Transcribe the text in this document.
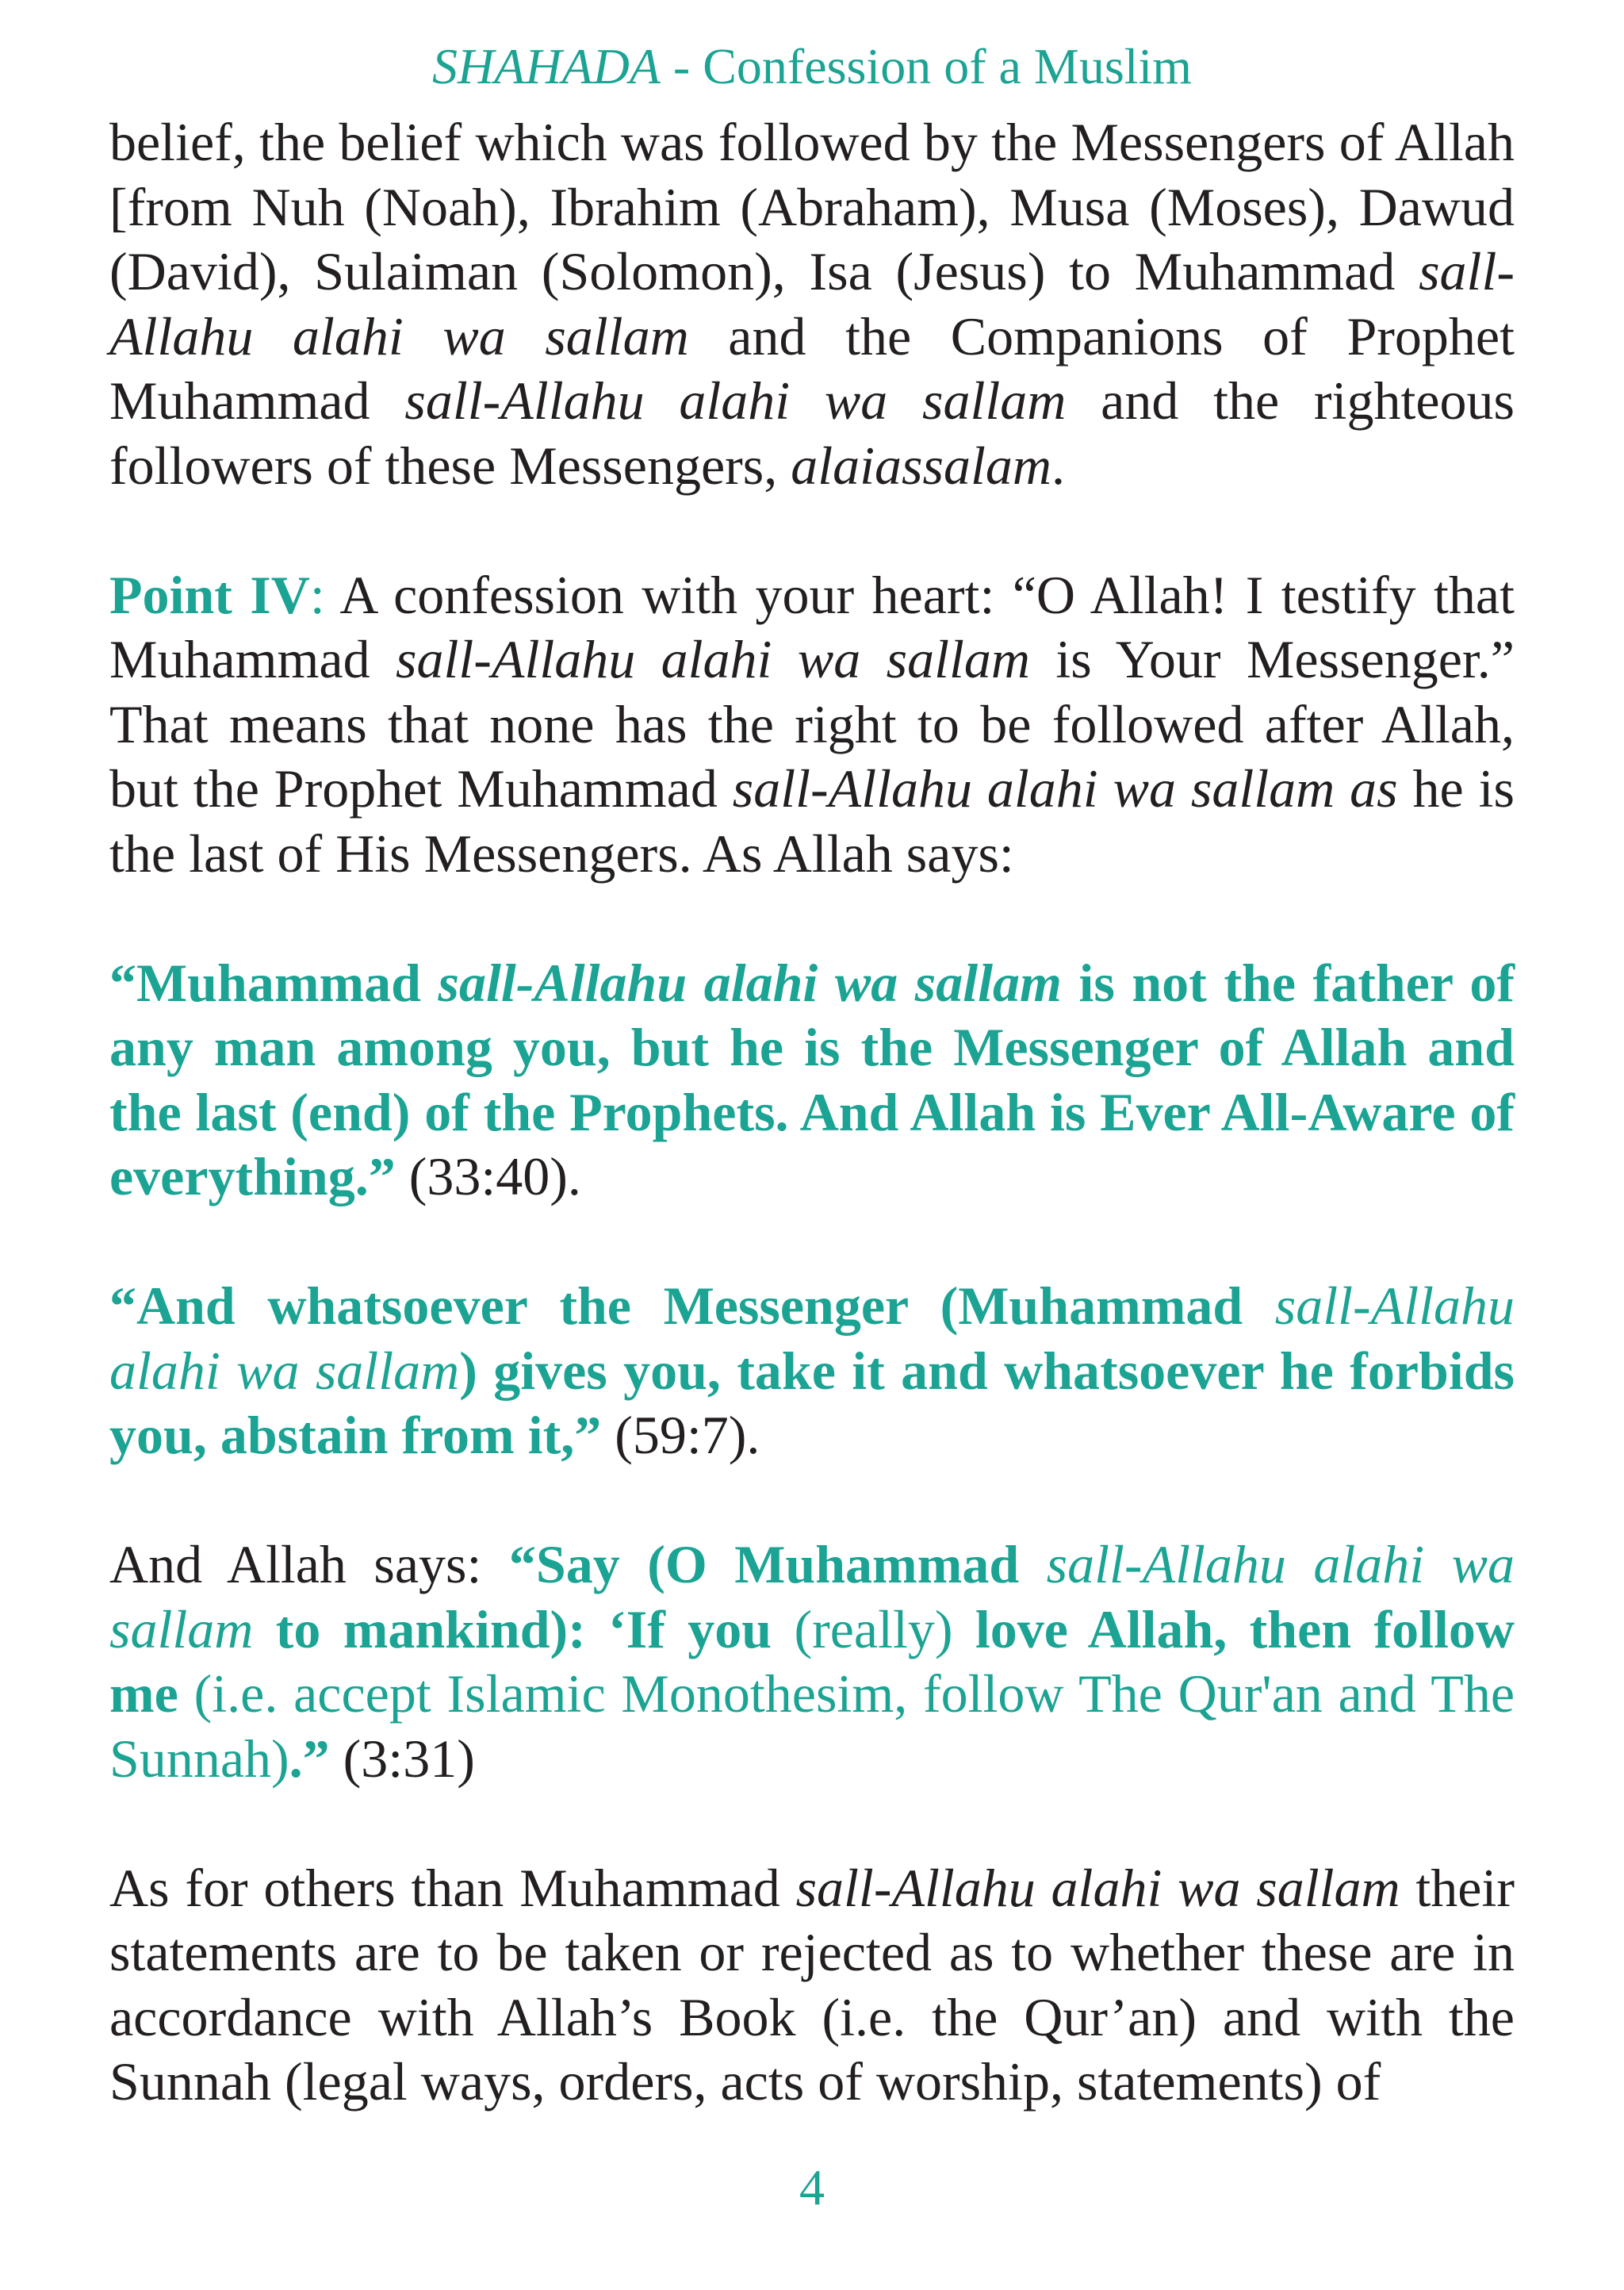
SHAHADA - Confession of a Muslim

belief, the belief which was followed by the Messengers of Allah [from Nuh (Noah), Ibrahim (Abraham), Musa (Moses), Dawud (David), Sulaiman (Solomon), Isa (Jesus) to Muhammad sall-Allahu alahi wa sallam and the Companions of Prophet Muhammad sall-Allahu alahi wa sallam and the righteous followers of these Messengers, alaiassalam.

Point IV: A confession with your heart: “O Allah! I testify that Muhammad sall-Allahu alahi wa sallam is Your Messenger.” That means that none has the right to be followed after Allah, but the Prophet Muhammad sall-Allahu alahi wa sallam as he is the last of His Messengers. As Allah says:

“Muhammad sall-Allahu alahi wa sallam is not the father of any man among you, but he is the Messenger of Allah and the last (end) of the Prophets. And Allah is Ever All-Aware of everything.” (33:40).

“And whatsoever the Messenger (Muhammad sall-Allahu alahi wa sallam) gives you, take it and whatsoever he forbids you, abstain from it,” (59:7).

And Allah says: “Say (O Muhammad sall-Allahu alahi wa sallam to mankind): ‘If you (really) love Allah, then follow me (i.e. accept Islamic Monothesim, follow The Qur'an and The Sunnah).” (3:31)

As for others than Muhammad sall-Allahu alahi wa sallam their statements are to be taken or rejected as to whether these are in accordance with Allah’s Book (i.e. the Qur’an) and with the Sunnah (legal ways, orders, acts of worship, statements) of

4
